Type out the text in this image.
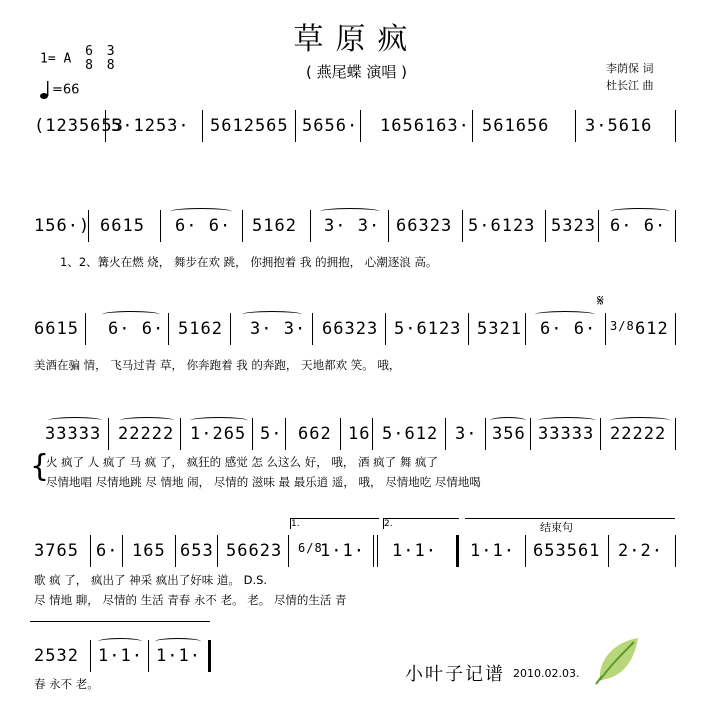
草原疯
( 燕尾蝶 演唱 )	李荫保 词
杜长江 曲
1= A 6
8

3
8
=66
(1235653
5·1253· 5612565 5656· 1656163· 561656 3·5616
156·) 6615 6· 6· 5162 3· 3· 66323 5·6123 5323 6· 6·
1、2、篝火在燃 烧， 舞步在欢 跳， 你拥抱着 我 的拥抱， 心潮逐浪 高。
𝄋
6615 6· 6· 5162 3· 3· 66323 5·6123 5321 6· 6· 3/8 612
美酒在骗 情， 飞马过青 草， 你奔跑着 我 的奔跑， 天地都欢 笑。 哦，
33333 22222 1·265 5· 662 16 5·612 3· 356 33333 22222
{
火 疯了 人 疯了 马 疯 了， 疯狂的 感觉 怎 么这么 好， 哦， 酒 疯了 舞 疯了
尽情地唱 尽情地跳 尽 情地 闹， 尽情的 滋味 最 最乐逍 遥， 哦， 尽情地吃 尽情地喝
1.	2.	结束句
3765 6· 165 653 56623 6/8
1·1· 1·1· 1·1· 653561 2·2·
歌 疯 了， 疯出了 神采 疯出了好味 道。 D.S.
尽 情地 聊， 尽情的 生活 青春 永不 老。 老。 尽情的生活 青
2532 1·1· 1·1·
春 永不 老。	小叶子记谱 2010.02.03.
